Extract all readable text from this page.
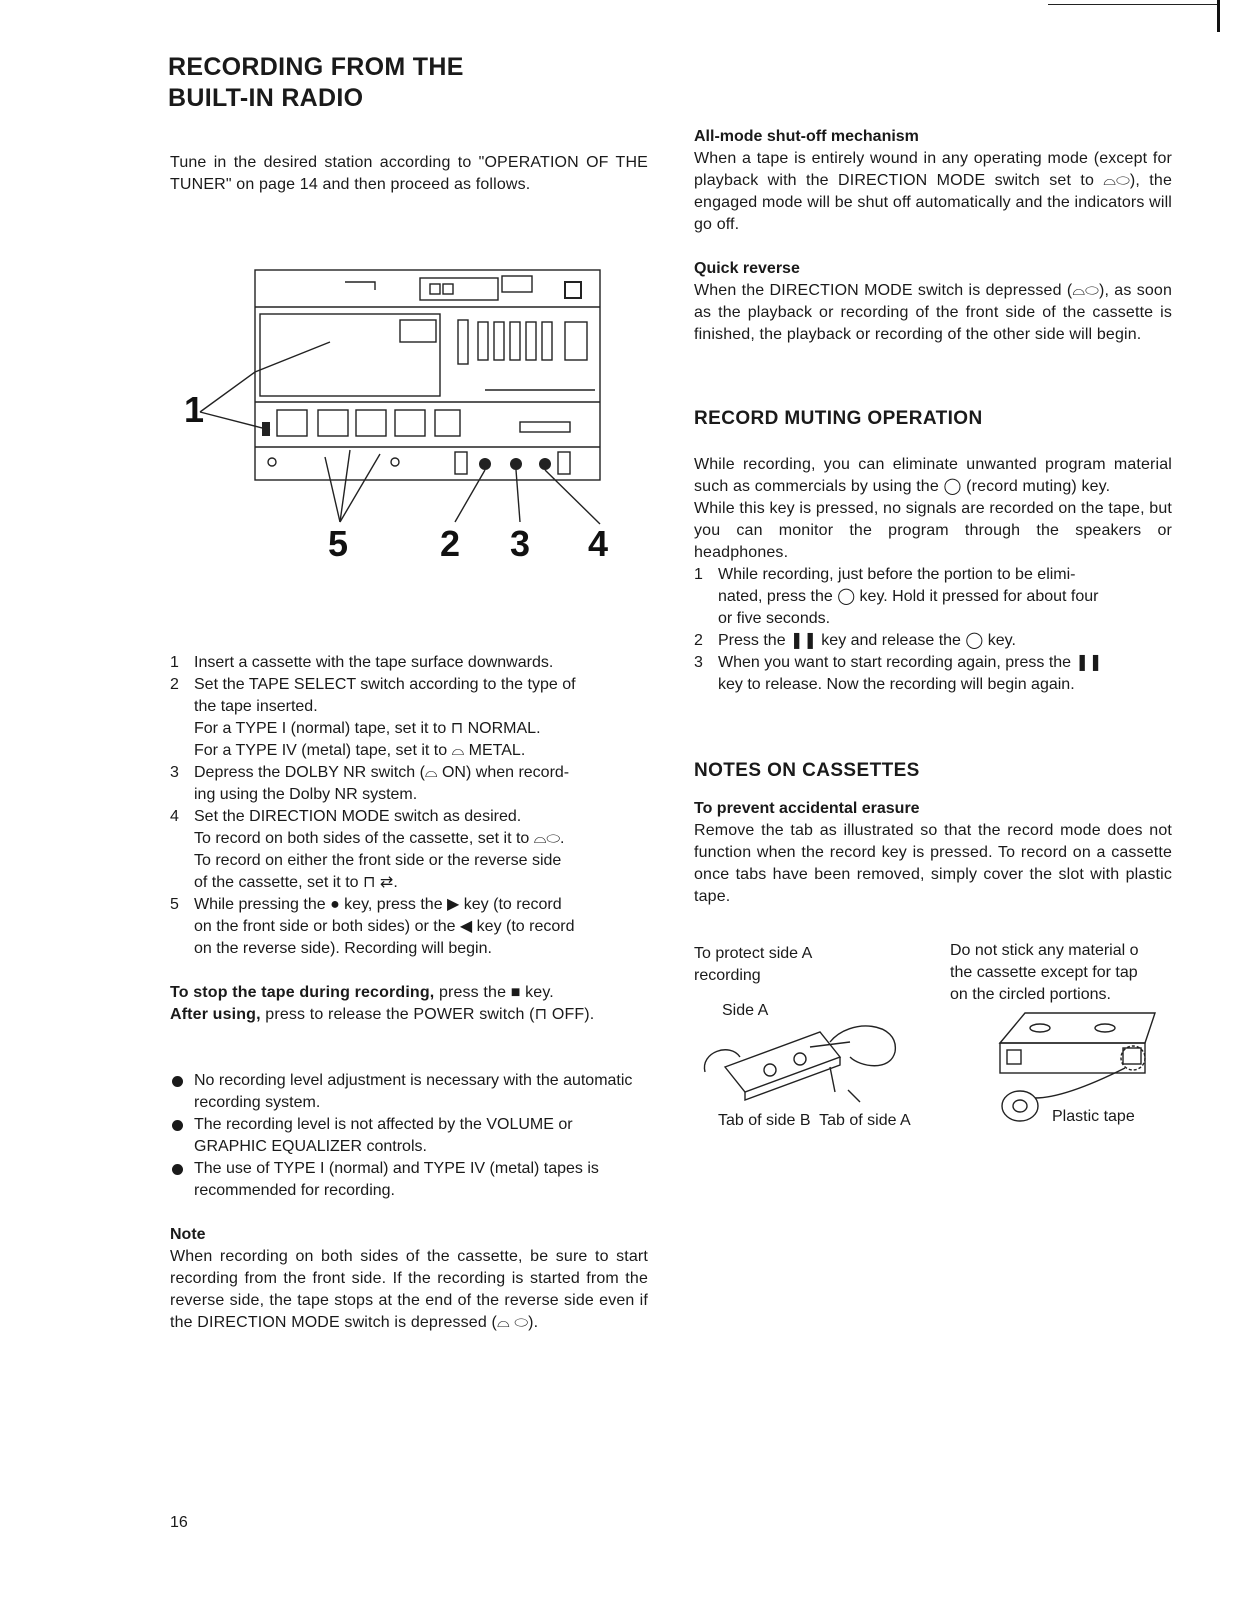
RECORDING FROM THE
BUILT-IN RADIO

Tune in the desired station according to "OPERATION OF THE TUNER" on page 14 and then proceed as follows.

1
5	2 3 4
1 Insert a cassette with the tape surface downwards.
2 Set the TAPE SELECT switch according to the type of
the tape inserted.
For a TYPE I (normal) tape, set it to ⊓ NORMAL.
For a TYPE IV (metal) tape, set it to ⌓ METAL.
3 Depress the DOLBY NR switch (⌓ ON) when record-
ing using the Dolby NR system.
4 Set the DIRECTION MODE switch as desired.
To record on both sides of the cassette, set it to ⌓⬭.
To record on either the front side or the reverse side
of the cassette, set it to ⊓ ⇄.
5 While pressing the ● key, press the ▶ key (to record
on the front side or both sides) or the ◀ key (to record
on the reverse side). Recording will begin.

To stop the tape during recording, press the ■ key.

After using, press to release the POWER switch (⊓ OFF).

No recording level adjustment is necessary with the automatic recording system.
The recording level is not affected by the VOLUME or GRAPHIC EQUALIZER controls.
The use of TYPE I (normal) and TYPE IV (metal) tapes is recommended for recording.

Note

When recording on both sides of the cassette, be sure to start recording from the front side. If the recording is started from the reverse side, the tape stops at the end of the reverse side even if the DIRECTION MODE switch is depressed (⌓ ⬭).

All-mode shut-off mechanism

When a tape is entirely wound in any operating mode (except for playback with the DIRECTION MODE switch set to ⌓⬭), the engaged mode will be shut off automatically and the indicators will go off.

Quick reverse

When the DIRECTION MODE switch is depressed (⌓⬭), as soon as the playback or recording of the front side of the cassette is finished, the playback or recording of the other side will begin.

RECORD MUTING OPERATION

While recording, you can eliminate unwanted program material such as commercials by using the ◯ (record muting) key.

While this key is pressed, no signals are recorded on the tape, but you can monitor the program through the speakers or headphones.

1 While recording, just before the portion to be elimi-
nated, press the ◯ key. Hold it pressed for about four
or five seconds.
2 Press the ❚❚ key and release the ◯ key.
3 When you want to start recording again, press the ❚❚
key to release. Now the recording will begin again.

NOTES ON CASSETTES

To prevent accidental erasure

Remove the tab as illustrated so that the record mode does not function when the record key is pressed. To record on a cassette once tabs have been removed, simply cover the slot with plastic tape.

To protect side A

recording

Side A

Tab of side B  Tab of side A

Do not stick any material o

the cassette except for tap

on the circled portions.

Plastic tape

16
